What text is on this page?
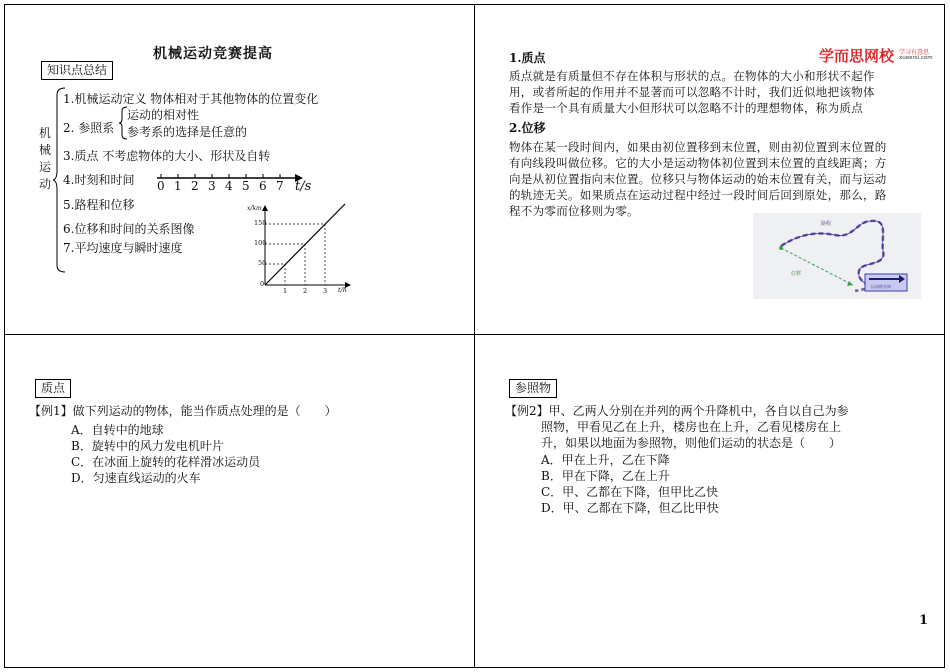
机械运动竞赛提高
知识点总结
机
械
运
动
1.机械运动定义 物体相对于其他物体的位置变化
2. 参照系
运动的相对性
参考系的选择是任意的
3.质点 不考虑物体的大小、形状及自转
4.时刻和时间
5.路程和位移
6.位移和时间的关系图像
7.平均速度与瞬时速度
0 1 2 3 4 5 6 7 t/s
x/km
150
100
50
0
1 2 3 t/h
学而思网校 学习有意思
xueersi.com
1.质点
质点就是有质量但不存在体积与形状的点。在物体的大小和形状不起作
用，或者所起的作用并不显著而可以忽略不计时，我们近似地把该物体
看作是一个具有质量大小但形状可以忽略不计的理想物体，称为质点
2.位移
物体在某一段时间内，如果由初位置移到末位置，则由初位置到末位置的
有向线段叫做位移。它的大小是运动物体初位置到末位置的直线距离；方
向是从初位置指向末位置。位移只与物体运动的始末位置有关，而与运动
的轨迹无关。如果质点在运动过程中经过一段时间后回到原处，那么，路
程不为零而位移则为零。
路程
位移
运动的方向
质点
【例1】做下列运动的物体，能当作质点处理的是（　　）
A．自转中的地球
B．旋转中的风力发电机叶片
C．在冰面上旋转的花样滑冰运动员
D．匀速直线运动的火车
参照物
【例2】甲、乙两人分别在并列的两个升降机中，各自以自己为参
照物，甲看见乙在上升，楼房也在上升，乙看见楼房在上
升，如果以地面为参照物，则他们运动的状态是（　　）
A．甲在上升，乙在下降
B．甲在下降，乙在上升
C．甲、乙都在下降，但甲比乙快
D．甲、乙都在下降，但乙比甲快
1
